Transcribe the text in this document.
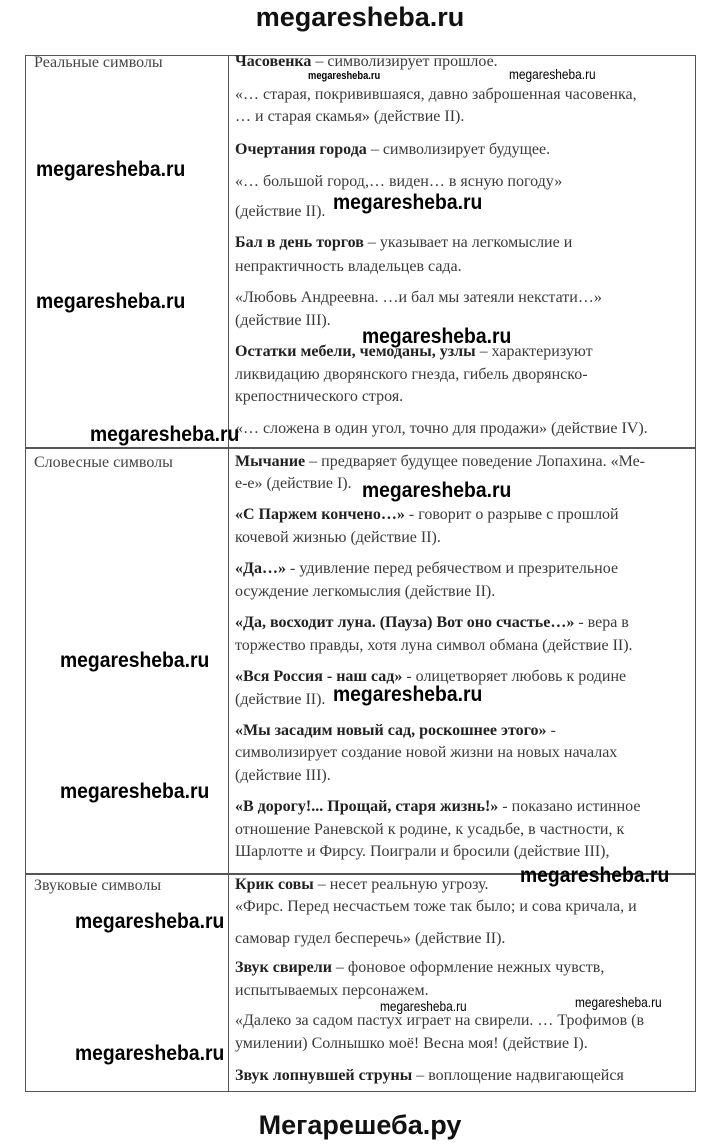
megaresheba.ru
Реальные символы
Словесные символы
Звуковые символы
Часовенка – символизирует прошлое.
«… старая, покривившаяся, давно заброшенная часовенка,
… и старая скамья» (действие II).
Очертания города – символизирует будущее.
«… большой город,… виден… в ясную погоду»
(действие II).
Бал в день торгов – указывает на легкомыслие и
непрактичность владельцев сада.
«Любовь Андреевна. …и бал мы затеяли некстати…»
(действие III).
Остатки мебели, чемоданы, узлы – характеризуют
ликвидацию дворянского гнезда, гибель дворянско-
крепостнического строя.
«… сложена в один угол, точно для продажи» (действие IV).
Мычание – предваряет будущее поведение Лопахина. «Ме-
е-е» (действие I).
«С Паржем кончено…» - говорит о разрыве с прошлой
кочевой жизнью (действие II).
«Да…» - удивление перед ребячеством и презрительное
осуждение легкомыслия (действие II).
«Да, восходит луна. (Пауза) Вот оно счастье…» - вера в
торжество правды, хотя луна символ обмана (действие II).
«Вся Россия - наш сад» - олицетворяет любовь к родине
(действие II).
«Мы засадим новый сад, роскошнее этого» -
символизирует создание новой жизни на новых началах
(действие III).
«В дорогу!... Прощай, старя жизнь!» - показано истинное
отношение Раневской к родине, к усадьбе, в частности, к
Шарлотте и Фирсу. Поиграли и бросили (действие III),
Крик совы – несет реальную угрозу.
«Фирс. Перед несчастьем тоже так было; и сова кричала, и
самовар гудел бесперечь» (действие II).
Звук свирели – фоновое оформление нежных чувств,
испытываемых персонажем.
«Далеко за садом пастух играет на свирели. … Трофимов (в
умилении) Солнышко моё! Весна моя! (действие I).
Звук лопнувшей струны – воплощение надвигающейся
megaresheba.ru	megaresheba.ru
megaresheba.ru
megaresheba.ru
megaresheba.ru
megaresheba.ru
megaresheba.ru
megaresheba.ru
megaresheba.ru
megaresheba.ru
megaresheba.ru
megaresheba.ru
megaresheba.ru
megaresheba.ru	megaresheba.ru
megaresheba.ru
Мегарешеба.ру
